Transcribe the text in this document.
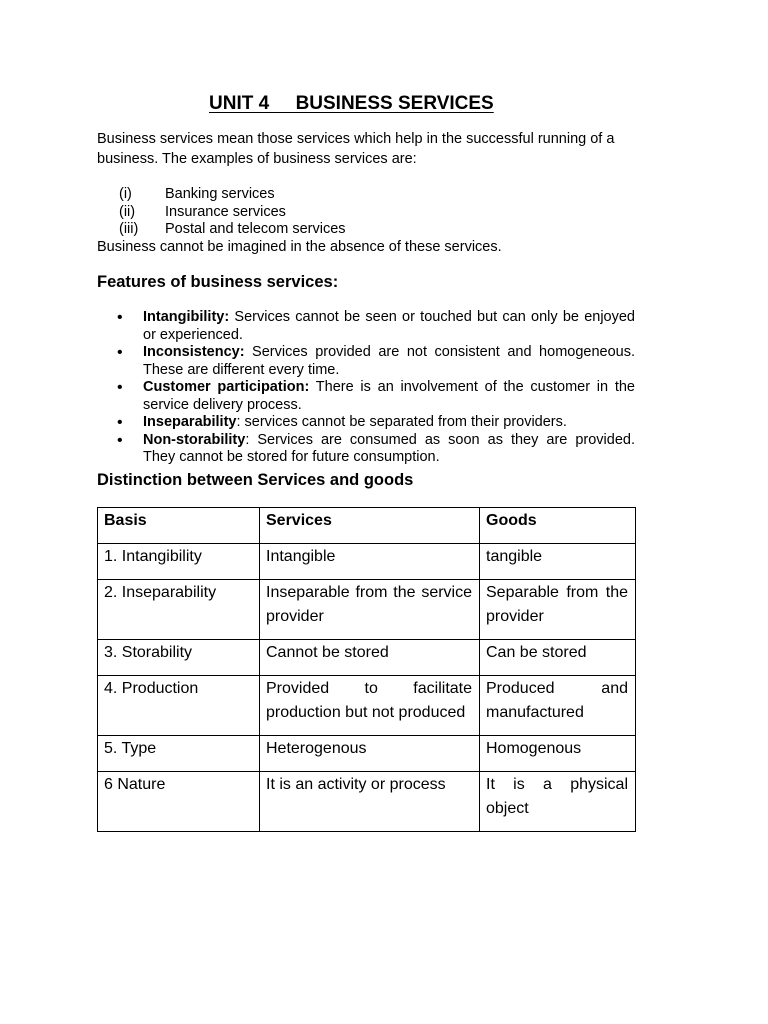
UNIT 4     BUSINESS SERVICES
Business services mean those services which help in the successful running of a business. The examples of business services are:
(i)	Banking services
(ii)	Insurance services
(iii)	Postal and telecom services
Business cannot be imagined in the absence of these services.
Features of business services:
• Intangibility: Services cannot be seen or touched but can only be enjoyed or experienced.
• Inconsistency: Services provided are not consistent and homogeneous. These are different every time.
• Customer participation: There is an involvement of the customer in the service delivery process.
• Inseparability: services cannot be separated from their providers.
• Non-storability: Services are consumed as soon as they are provided. They cannot be stored for future consumption.
Distinction between Services and goods
Basis	Services	Goods
1. Intangibility	Intangible	tangible
2. Inseparability	Inseparable from the service provider	Separable from the provider
3. Storability	Cannot be stored	Can be stored
4. Production	Provided to facilitate production but not produced	Produced and manufactured
5. Type	Heterogenous	Homogenous
6 Nature	It is an activity or process	It is a physical object
